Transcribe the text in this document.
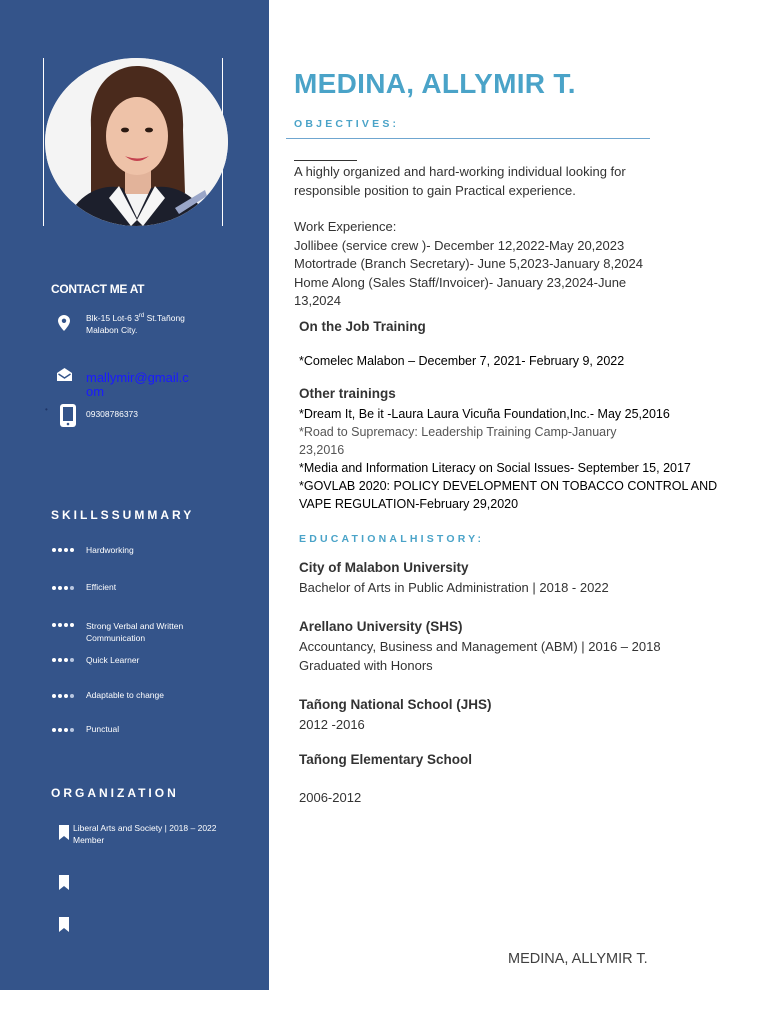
CONTACT ME AT
Blk-15 Lot-6 3rd St.Tañong
Malabon City.
mallymir@gmail.c
om
•	09308786373
SKILLSSUMMARY
Hardworking
Efficient
Strong Verbal and Written
Communication
Quick Learner
Adaptable to change
Punctual
ORGANIZATION
Liberal Arts and Society | 2018 – 2022
Member
MEDINA, ALLYMIR T.
OBJECTIVES:
A highly organized and hard-working individual looking for
responsible position to gain Practical experience.
Work Experience:
Jollibee (service crew )- December 12,2022-May 20,2023
Motortrade (Branch Secretary)- June 5,2023-January 8,2024
Home Along (Sales Staff/Invoicer)- January 23,2024-June
13,2024
On the Job Training
*Comelec Malabon – December 7, 2021- February 9, 2022
Other trainings
*Dream It, Be it -Laura Laura Vicuña Foundation,Inc.- May 25,2016
*Road to Supremacy: Leadership Training Camp-January
23,2016
*Media and Information Literacy on Social Issues- September 15, 2017
*GOVLAB 2020: POLICY DEVELOPMENT ON TOBACCO CONTROL AND
VAPE REGULATION-February 29,2020
EDUCATIONALHISTORY:
City of Malabon University
Bachelor of Arts in Public Administration | 2018 - 2022
Arellano University (SHS)
Accountancy, Business and Management (ABM) | 2016 – 2018
Graduated with Honors
Tañong National School (JHS)
2012 -2016
Tañong Elementary School
2006-2012
MEDINA, ALLYMIR T.
